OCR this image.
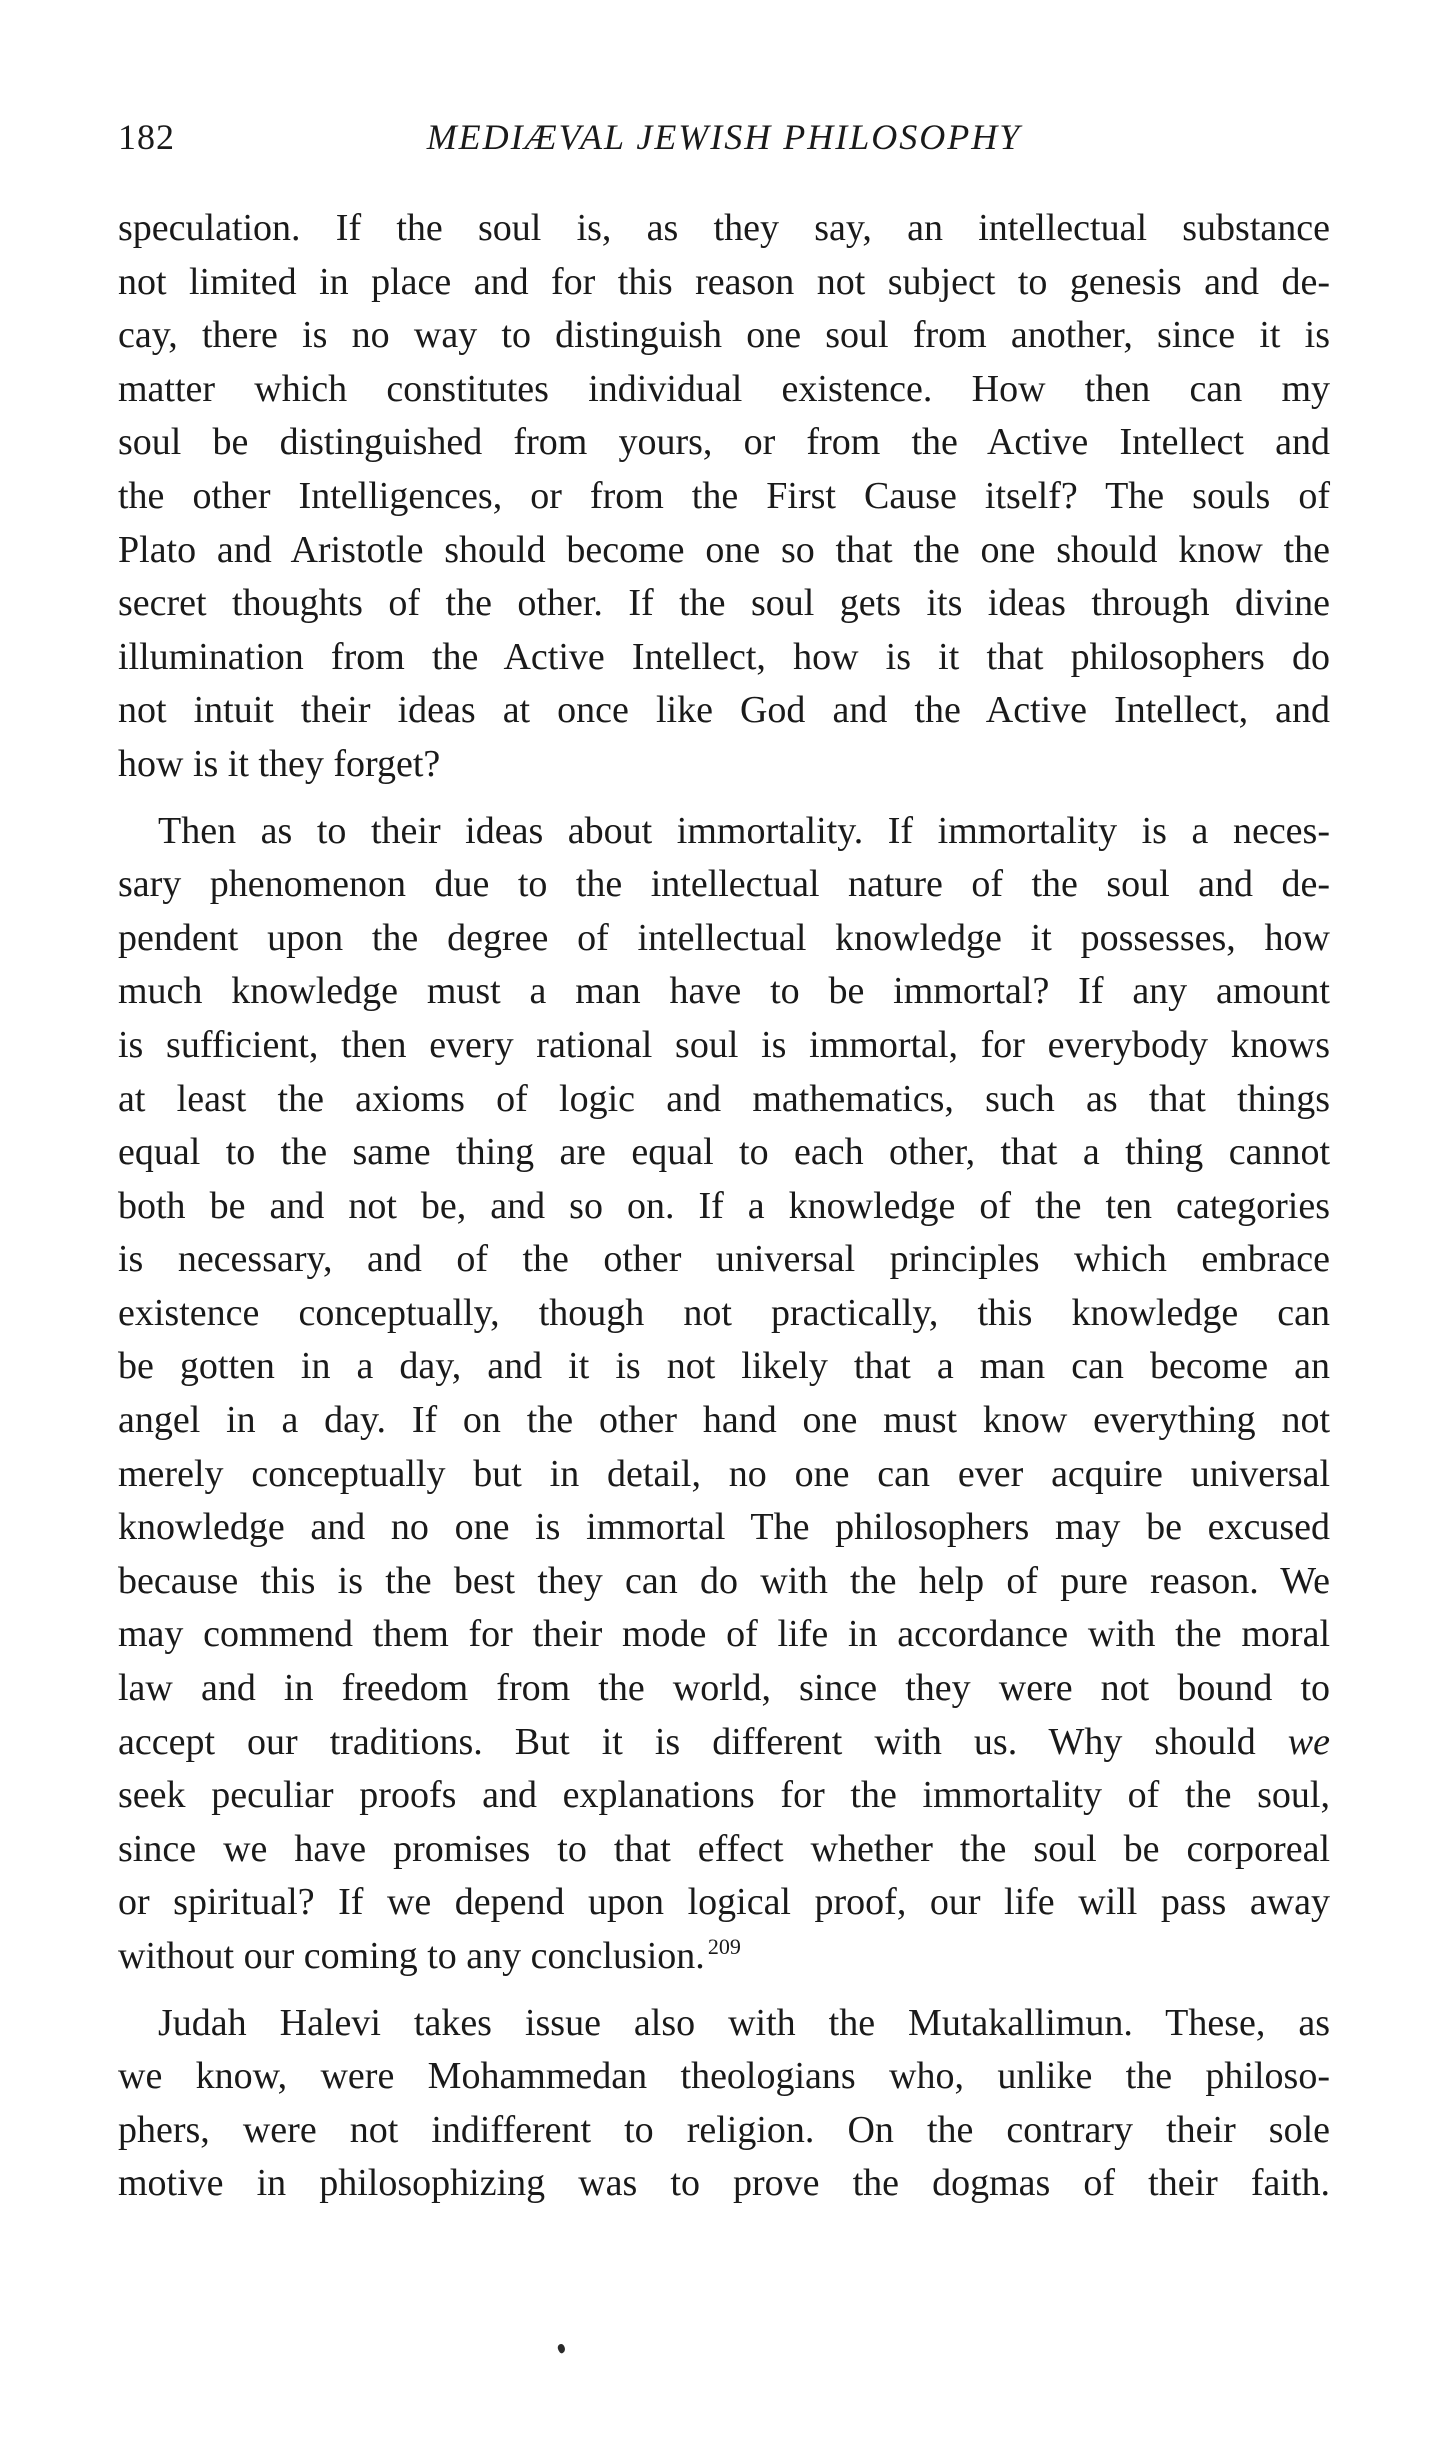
182	MEDIÆVAL JEWISH PHILOSOPHY

speculation. If the soul is, as they say, an intellectual substance
not limited in place and for this reason not subject to genesis and de-
cay, there is no way to distinguish one soul from another, since it is
matter which constitutes individual existence. How then can my
soul be distinguished from yours, or from the Active Intellect and
the other Intelligences, or from the First Cause itself? The souls of
Plato and Aristotle should become one so that the one should know the
secret thoughts of the other. If the soul gets its ideas through divine
illumination from the Active Intellect, how is it that philosophers do
not intuit their ideas at once like God and the Active Intellect, and
how is it they forget?

Then as to their ideas about immortality. If immortality is a neces-
sary phenomenon due to the intellectual nature of the soul and de-
pendent upon the degree of intellectual knowledge it possesses, how
much knowledge must a man have to be immortal? If any amount
is sufficient, then every rational soul is immortal, for everybody knows
at least the axioms of logic and mathematics, such as that things
equal to the same thing are equal to each other, that a thing cannot
both be and not be, and so on. If a knowledge of the ten categories
is necessary, and of the other universal principles which embrace
existence conceptually, though not practically, this knowledge can
be gotten in a day, and it is not likely that a man can become an
angel in a day. If on the other hand one must know everything not
merely conceptually but in detail, no one can ever acquire universal
knowledge and no one is immortal The philosophers may be excused
because this is the best they can do with the help of pure reason. We
may commend them for their mode of life in accordance with the moral
law and in freedom from the world, since they were not bound to
accept our traditions. But it is different with us. Why should we
seek peculiar proofs and explanations for the immortality of the soul,
since we have promises to that effect whether the soul be corporeal
or spiritual? If we depend upon logical proof, our life will pass away
without our coming to any conclusion. $^{209}$

Judah Halevi takes issue also with the Mutakallimun. These, as
we know, were Mohammedan theologians who, unlike the philoso-
phers, were not indifferent to religion. On the contrary their sole
motive in philosophizing was to prove the dogmas of their faith.
